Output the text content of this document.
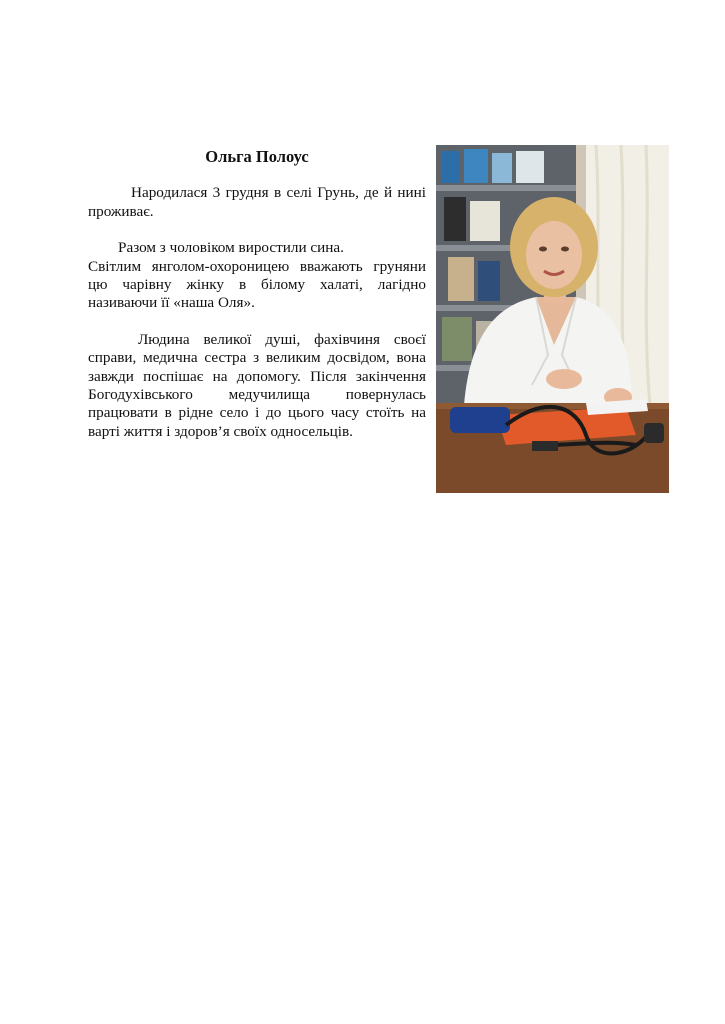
Ольга Полоус

Народилася 3 грудня в селі Грунь, де й нині проживає.

Разом з чоловіком виростили сина.

Світлим янголом-охороницею вважають груняни цю чарівну жінку в білому халаті, лагідно називаючи її «наша Оля».

Людина великої душі, фахівчиня своєї справи, медична сестра з великим досвідом, вона завжди поспішає на допомогу. Після закінчення Богодухівського медучилища повернулась працювати в рідне село і до цього часу стоїть на варті життя і здоров’я своїх односельців.
